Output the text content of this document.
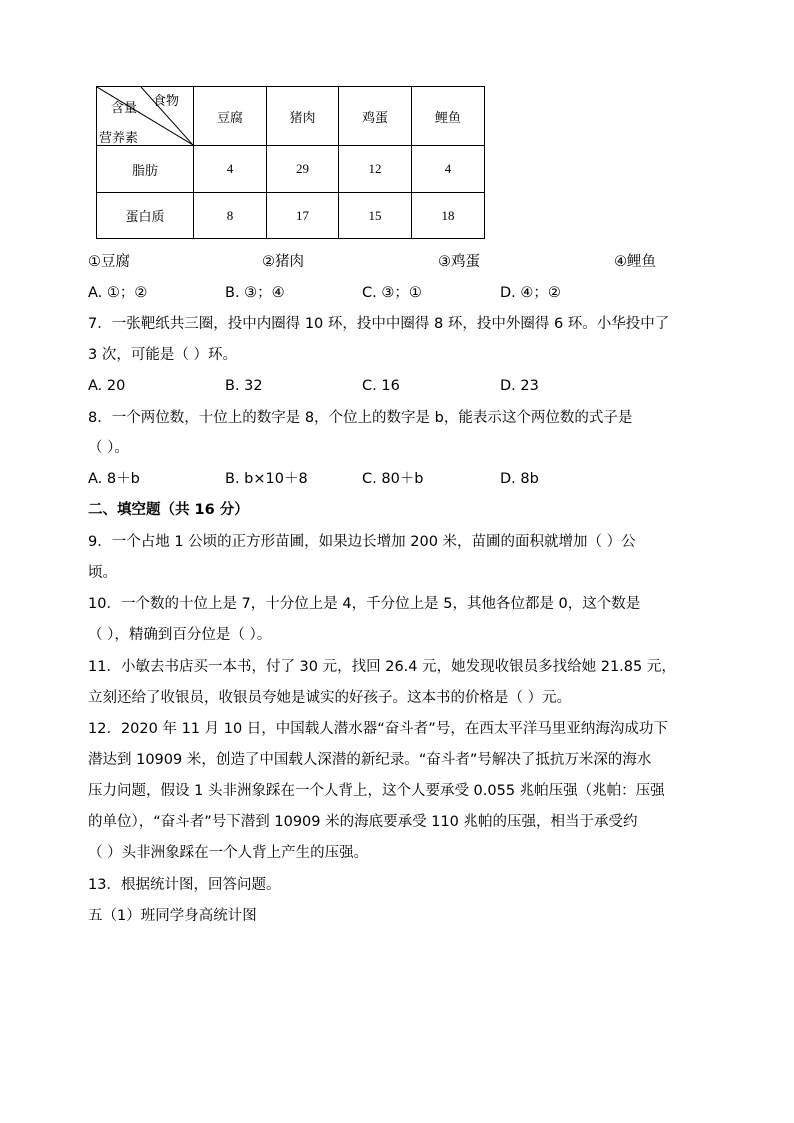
食物
含量
营养素	豆腐	猪肉	鸡蛋	鲤鱼
脂肪	4	29	12	4
蛋白质	8	17	15	18
①豆腐	②猪肉	③鸡蛋	④鲤鱼
A. ①；②	B. ③；④	C. ③；①	D. ④；②
7．一张靶纸共三圈，投中内圈得 10 环，投中中圈得 8 环，投中外圈得 6 环。小华投中了
3 次，可能是（ ）环。
A. 20	B. 32	C. 16	D. 23
8．一个两位数，十位上的数字是 8，个位上的数字是 b，能表示这个两位数的式子是
（ ）。
A. 8＋b	B. b×10＋8	C. 80＋b	D. 8b
二、填空题（共 16 分）
9．一个占地 1 公顷的正方形苗圃，如果边长增加 200 米，苗圃的面积就增加（ ）公
顷。
10．一个数的十位上是 7，十分位上是 4，千分位上是 5，其他各位都是 0，这个数是
（ ），精确到百分位是（ ）。
11．小敏去书店买一本书，付了 30 元，找回 26.4 元，她发现收银员多找给她 21.85 元，
立刻还给了收银员，收银员夸她是诚实的好孩子。这本书的价格是（ ）元。
12．2020 年 11 月 10 日，中国载人潜水器“奋斗者”号，在西太平洋马里亚纳海沟成功下
潜达到 10909 米，创造了中国载人深潜的新纪录。“奋斗者”号解决了抵抗万米深的海水
压力问题，假设 1 头非洲象踩在一个人背上，这个人要承受 0.055 兆帕压强（兆帕：压强
的单位），“奋斗者”号下潜到 10909 米的海底要承受 110 兆帕的压强，相当于承受约
（ ）头非洲象踩在一个人背上产生的压强。
13．根据统计图，回答问题。
五（1）班同学身高统计图
